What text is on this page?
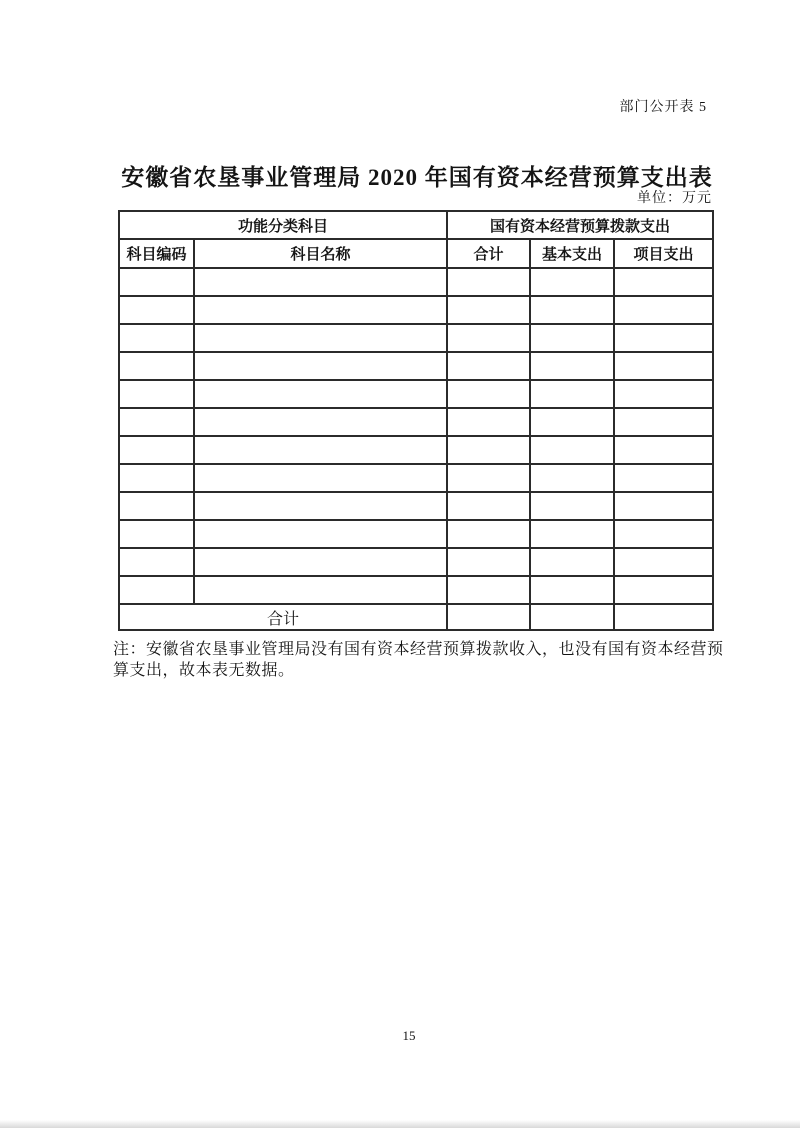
部门公开表 5
安徽省农垦事业管理局 2020 年国有资本经营预算支出表
单位：万元
功能分类科目		国有资本经营预算拨款支出		
科目编码	科目名称	合计	基本支出	项目支出

合计				
注：安徽省农垦事业管理局没有国有资本经营预算拨款收入，也没有国有资本经营预
算支出，故本表无数据。
15
